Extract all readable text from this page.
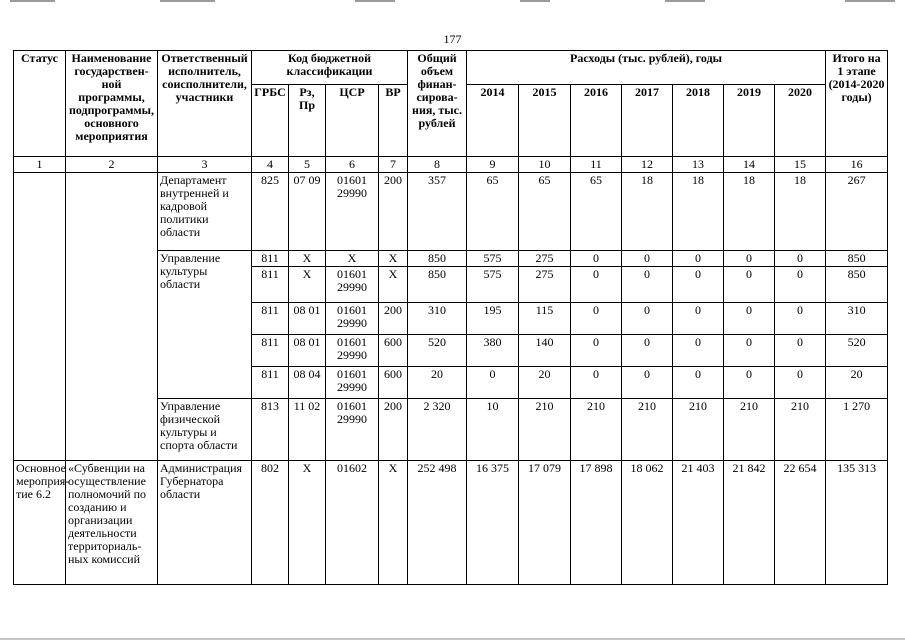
177
Статус	Наименование государствен-ной программы, подпрограммы, основного мероприятия	Ответственный исполнитель, соисполнители, участники	Код бюджетной классификации				Общий объем финан-сирова-ния, тыс. рублей	Расходы (тыс. рублей), годы							Итого на 1 этапе (2014-2020 годы)
			ГРБС	Рз, Пр	ЦСР	ВР		2014	2015	2016	2017	2018	2019	2020	
1	2	3	4	5	6	7	8	9	10	11	12	13	14	15	16
		Департамент внутренней и кадровой политики области	825	07 09	01601 29990	200	357	65	65	65	18	18	18	18	267
		Управление культуры области	811	Х	Х	Х	850	575	275	0	0	0	0	0	850
			811	Х	01601 29990	Х	850	575	275	0	0	0	0	0	850
			811	08 01	01601 29990	200	310	195	115	0	0	0	0	0	310
			811	08 01	01601 29990	600	520	380	140	0	0	0	0	0	520
			811	08 04	01601 29990	600	20	0	20	0	0	0	0	0	20
		Управление физической культуры и спорта области	813	11 02	01601 29990	200	2 320	10	210	210	210	210	210	210	1 270
Основное мероприя-тие 6.2	«Субвенции на осуществление полномочий по созданию и организации деятельности территориаль-ных комиссий	Администрация Губернатора области	802	Х	01602	Х	252 498	16 375	17 079	17 898	18 062	21 403	21 842	22 654	135 313
